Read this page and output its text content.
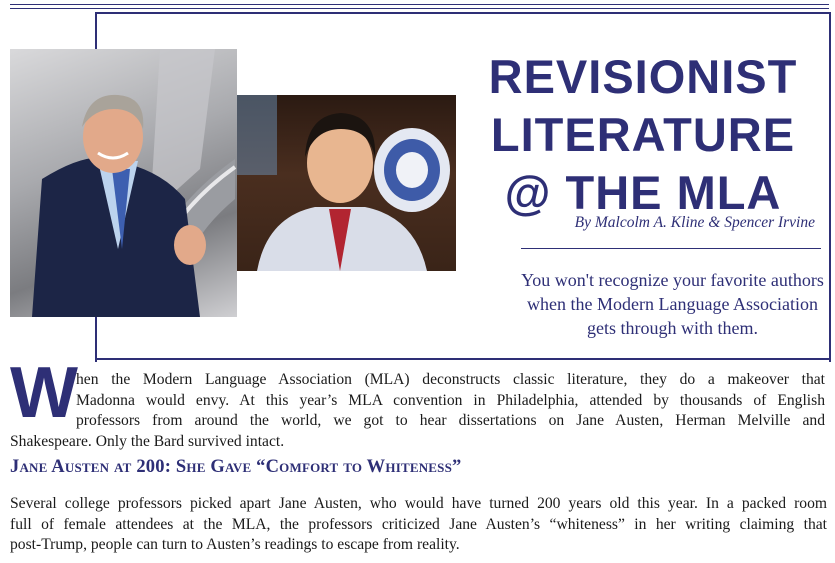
REVISIONIST LITERATURE @ THE MLA

By Malcolm A. Kline & Spencer Irvine

You won't recognize your favorite authors when the Modern Language Association gets through with them.

W

hen the Modern Language Association (MLA) deconstructs classic literature, they do a makeover that
Madonna would envy. At this year’s MLA convention in Philadelphia, attended by thousands of English
professors from around the world, we got to hear dissertations on Jane Austen, Herman Melville and
Shakespeare. Only the Bard survived intact.

Jane Austen at 200: She Gave “Comfort to Whiteness”

Several college professors picked apart Jane Austen, who would have turned 200 years old this year. In a packed room
full of female attendees at the MLA, the professors criticized Jane Austen’s “whiteness” in her writing claiming that
post-Trump, people can turn to Austen’s readings to escape from reality.
